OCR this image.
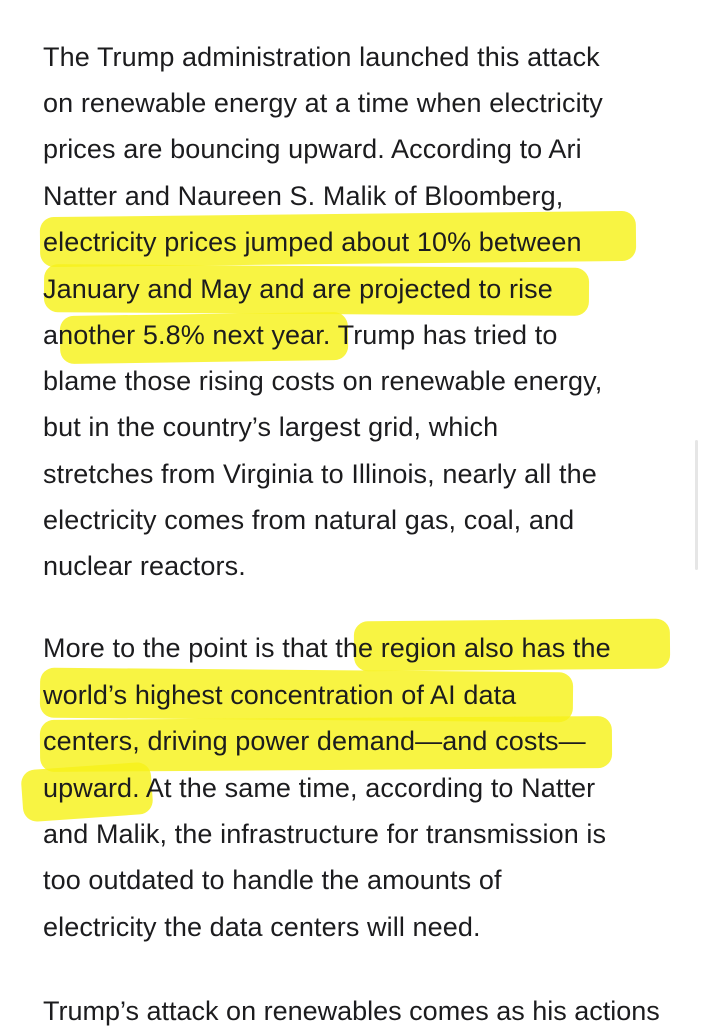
The Trump administration launched this attack

on renewable energy at a time when electricity

prices are bouncing upward. According to Ari

Natter and Naureen S. Malik of Bloomberg,

electricity prices jumped about 10% between

January and May and are projected to rise

another 5.8% next year. Trump has tried to

blame those rising costs on renewable energy,

but in the country’s largest grid, which

stretches from Virginia to Illinois, nearly all the

electricity comes from natural gas, coal, and

nuclear reactors.

More to the point is that the region also has the

world’s highest concentration of AI data

centers, driving power demand—and costs—

upward. At the same time, according to Natter

and Malik, the infrastructure for transmission is

too outdated to handle the amounts of

electricity the data centers will need.

Trump’s attack on renewables comes as his actions
